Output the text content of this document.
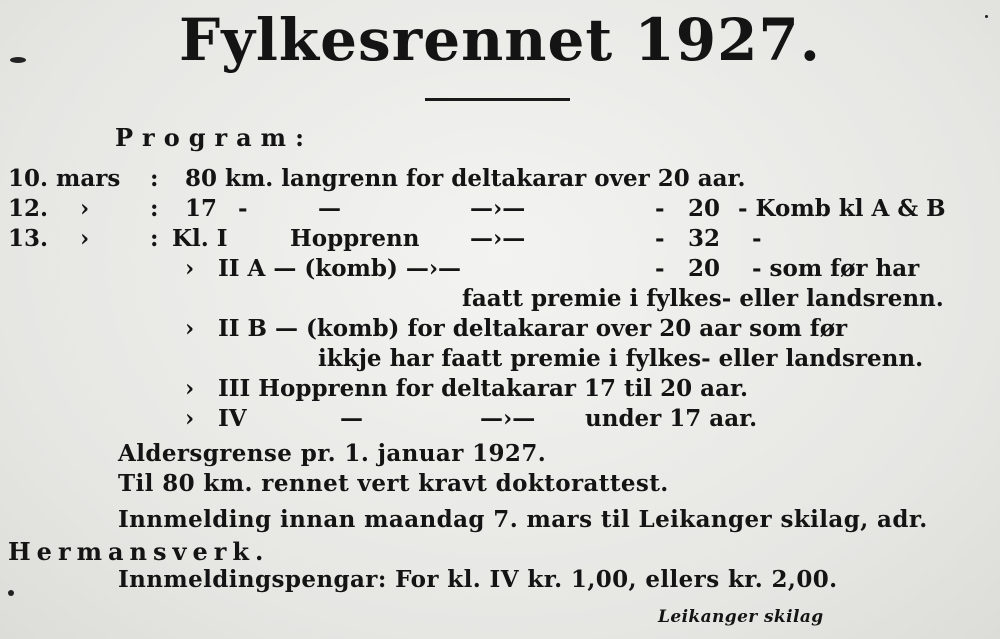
Fylkesrennet 1927.
Program:
10. mars : 80 km. langrenn for deltakarar over 20 aar.
12. ›	: 17 -	—	—›—	- 20 - Komb kl A & B
13. ›	: Kl. I	Hopprenn —›—	- 32 -
› II A — (komb) —›—	- 20 - som før har
faatt premie i fylkes- eller landsrenn.
› II B — (komb) for deltakarar over 20 aar som før
ikkje har faatt premie i fylkes- eller landsrenn.
› III Hopprenn for deltakarar 17 til 20 aar.
› IV	—	—›— under 17 aar.
Aldersgrense pr. 1. januar 1927.
Til 80 km. rennet vert kravt doktorattest.
Innmelding innan maandag 7. mars til Leikanger skilag, adr.
Hermansverk.
Innmeldingspengar: For kl. IV kr. 1,00, ellers kr. 2,00.
Leikanger skilag
